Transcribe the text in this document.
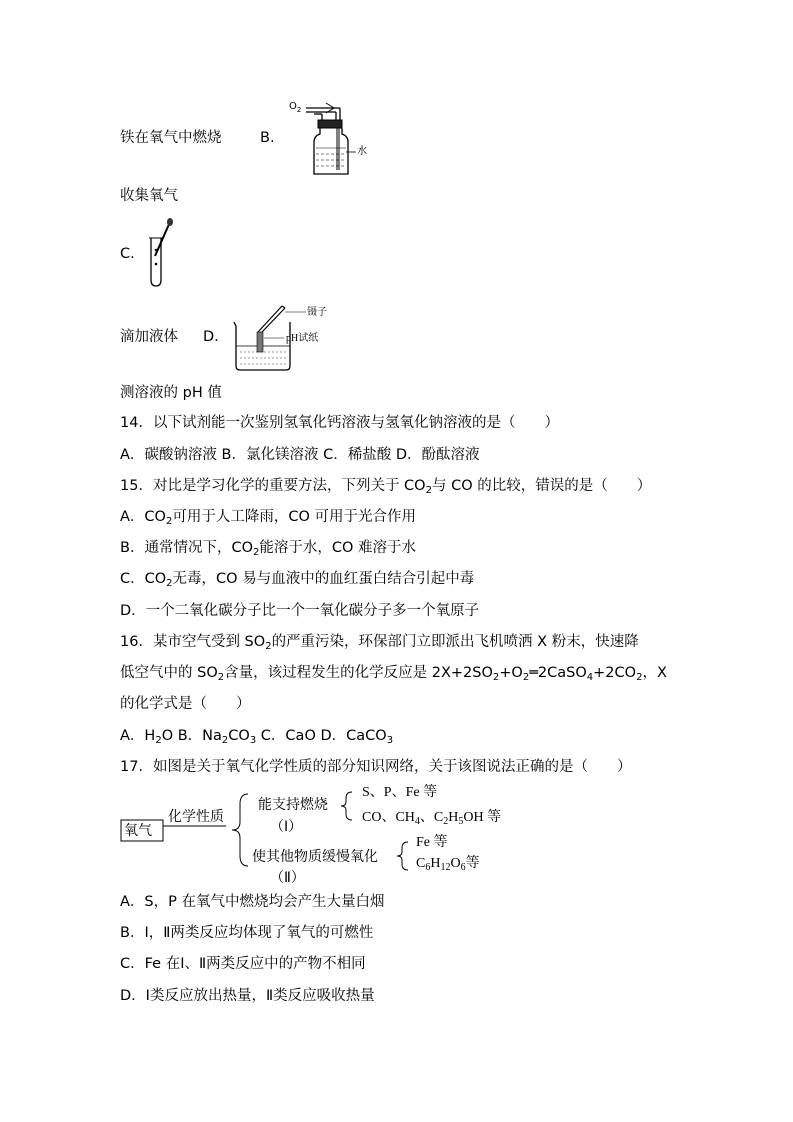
铁在氧气中燃烧	B.
$O_2$
水
收集氧气
C.
滴加液体 D.
镊子
pH试纸
测溶液的 pH 值
14．以下试剂能一次鉴别氢氧化钙溶液与氢氧化钠溶液的是（　　）
A．碳酸钠溶液 B．氯化镁溶液 C．稀盐酸 D．酚酞溶液
15．对比是学习化学的重要方法，下列关于 $CO_2$与 CO 的比较，错误的是（　　）
A．$CO_2$可用于人工降雨，CO 可用于光合作用
B．通常情况下，$CO_2$能溶于水，CO 难溶于水
C．$CO_2$无毒，CO 易与血液中的血红蛋白结合引起中毒
D．一个二氧化碳分子比一个一氧化碳分子多一个氧原子
16．某市空气受到 $SO_2$的严重污染，环保部门立即派出飞机喷洒 X 粉末，快速降
低空气中的 $SO_2$含量，该过程发生的化学反应是 $2X+2SO_2+O_2═2CaSO_4+2CO_2$，X
的化学式是（　　）
A．$H_2O$ B．$Na_2CO_3$ C．CaO D．CaCO$_3$
17．如图是关于氧气化学性质的部分知识网络，关于该图说法正确的是（　　）
氧气
化学性质
能支持燃烧
（Ⅰ）
S、P、Fe 等
CO、$CH_4$、$C_2H_5OH$ 等
使其他物质缓慢氧化
（Ⅱ）
Fe 等
$C_6H_{12}O_6$等
A．S，P 在氧气中燃烧均会产生大量白烟
B．Ⅰ，Ⅱ两类反应均体现了氧气的可燃性
C．Fe 在Ⅰ、Ⅱ两类反应中的产物不相同
D．Ⅰ类反应放出热量，Ⅱ类反应吸收热量
